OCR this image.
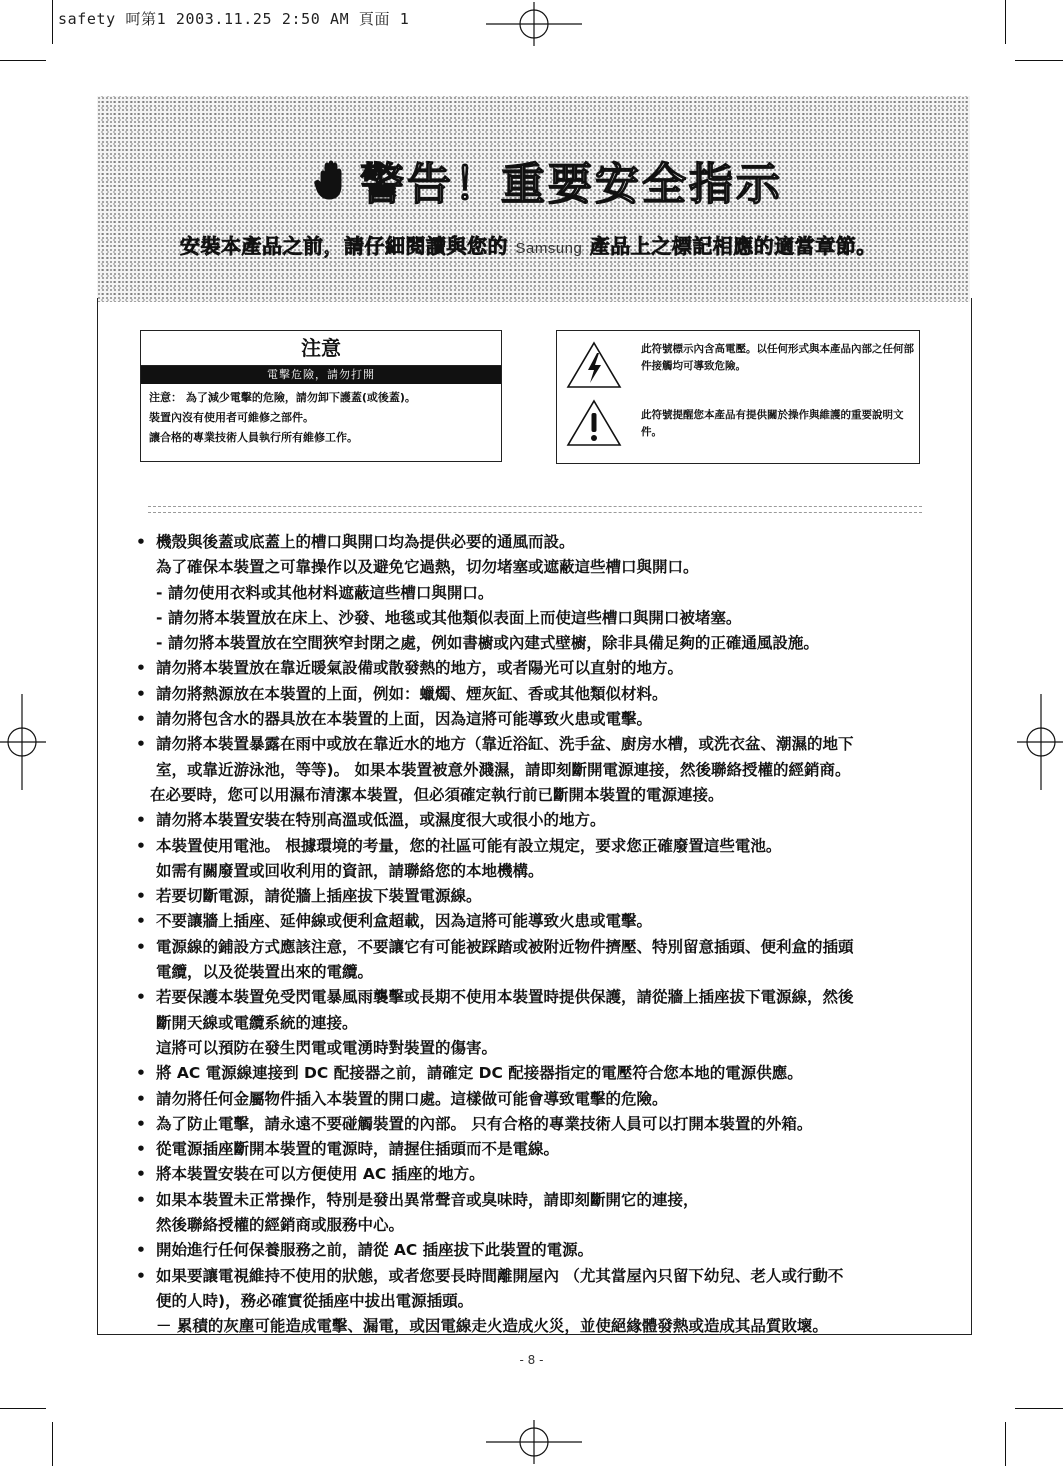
safety 呵第1 2003.11.25 2:50 AM 頁面 1
警告！重要安全指示
安裝本產品之前，請仔細閱讀與您的 Samsung 產品上之標記相應的適當章節。
注意
電擊危險，請勿打開
注意： 為了減少電擊的危險，請勿卸下護蓋(或後蓋)。
裝置內沒有使用者可維修之部件。
讓合格的專業技術人員執行所有維修工作。
此符號標示內含高電壓。以任何形式與本產品內部之任何部件接觸均可導致危險。
此符號提醒您本產品有提供關於操作與維護的重要說明文件。
• 機殼與後蓋或底蓋上的槽口與開口均為提供必要的通風而設。
為了確保本裝置之可靠操作以及避免它過熱，切勿堵塞或遮蔽這些槽口與開口。
- 請勿使用衣料或其他材料遮蔽這些槽口與開口。
- 請勿將本裝置放在床上、沙發、地毯或其他類似表面上而使這些槽口與開口被堵塞。
- 請勿將本裝置放在空間狹窄封閉之處，例如書櫥或內建式壁櫥，除非具備足夠的正確通風設施。
• 請勿將本裝置放在靠近暖氣設備或散發熱的地方，或者陽光可以直射的地方。
• 請勿將熱源放在本裝置的上面，例如：蠟燭、煙灰缸、香或其他類似材料。
• 請勿將包含水的器具放在本裝置的上面，因為這將可能導致火患或電擊。
• 請勿將本裝置暴露在雨中或放在靠近水的地方（靠近浴缸、洗手盆、廚房水槽，或洗衣盆、潮濕的地下
室，或靠近游泳池，等等)。 如果本裝置被意外濺濕，請即刻斷開電源連接，然後聯絡授權的經銷商。
在必要時，您可以用濕布清潔本裝置，但必須確定執行前已斷開本裝置的電源連接。
• 請勿將本裝置安裝在特別高溫或低溫，或濕度很大或很小的地方。
• 本裝置使用電池。 根據環境的考量，您的社區可能有設立規定，要求您正確廢置這些電池。
如需有關廢置或回收利用的資訊，請聯絡您的本地機構。
• 若要切斷電源，請從牆上插座拔下裝置電源線。
• 不要讓牆上插座、延伸線或便利盒超載，因為這將可能導致火患或電擊。
• 電源線的鋪設方式應該注意，不要讓它有可能被踩踏或被附近物件擠壓、特別留意插頭、便利盒的插頭
電纜，以及從裝置出來的電纜。
• 若要保護本裝置免受閃電暴風雨襲擊或長期不使用本裝置時提供保護，請從牆上插座拔下電源線，然後
斷開天線或電纜系統的連接。
這將可以預防在發生閃電或電湧時對裝置的傷害。
• 將 AC 電源線連接到 DC 配接器之前，請確定 DC 配接器指定的電壓符合您本地的電源供應。
• 請勿將任何金屬物件插入本裝置的開口處。這樣做可能會導致電擊的危險。
• 為了防止電擊，請永遠不要碰觸裝置的內部。 只有合格的專業技術人員可以打開本裝置的外箱。
• 從電源插座斷開本裝置的電源時，請握住插頭而不是電線。
• 將本裝置安裝在可以方便使用 AC 插座的地方。
• 如果本裝置未正常操作，特別是發出異常聲音或臭味時，請即刻斷開它的連接，
然後聯絡授權的經銷商或服務中心。
• 開始進行任何保養服務之前，請從 AC 插座拔下此裝置的電源。
• 如果要讓電視維持不使用的狀態，或者您要長時間離開屋內 （尤其當屋內只留下幼兒、老人或行動不
便的人時)，務必確實從插座中拔出電源插頭。
－ 累積的灰塵可能造成電擊、漏電，或因電線走火造成火災，並使絕緣體發熱或造成其品質敗壞。
- 8 -
